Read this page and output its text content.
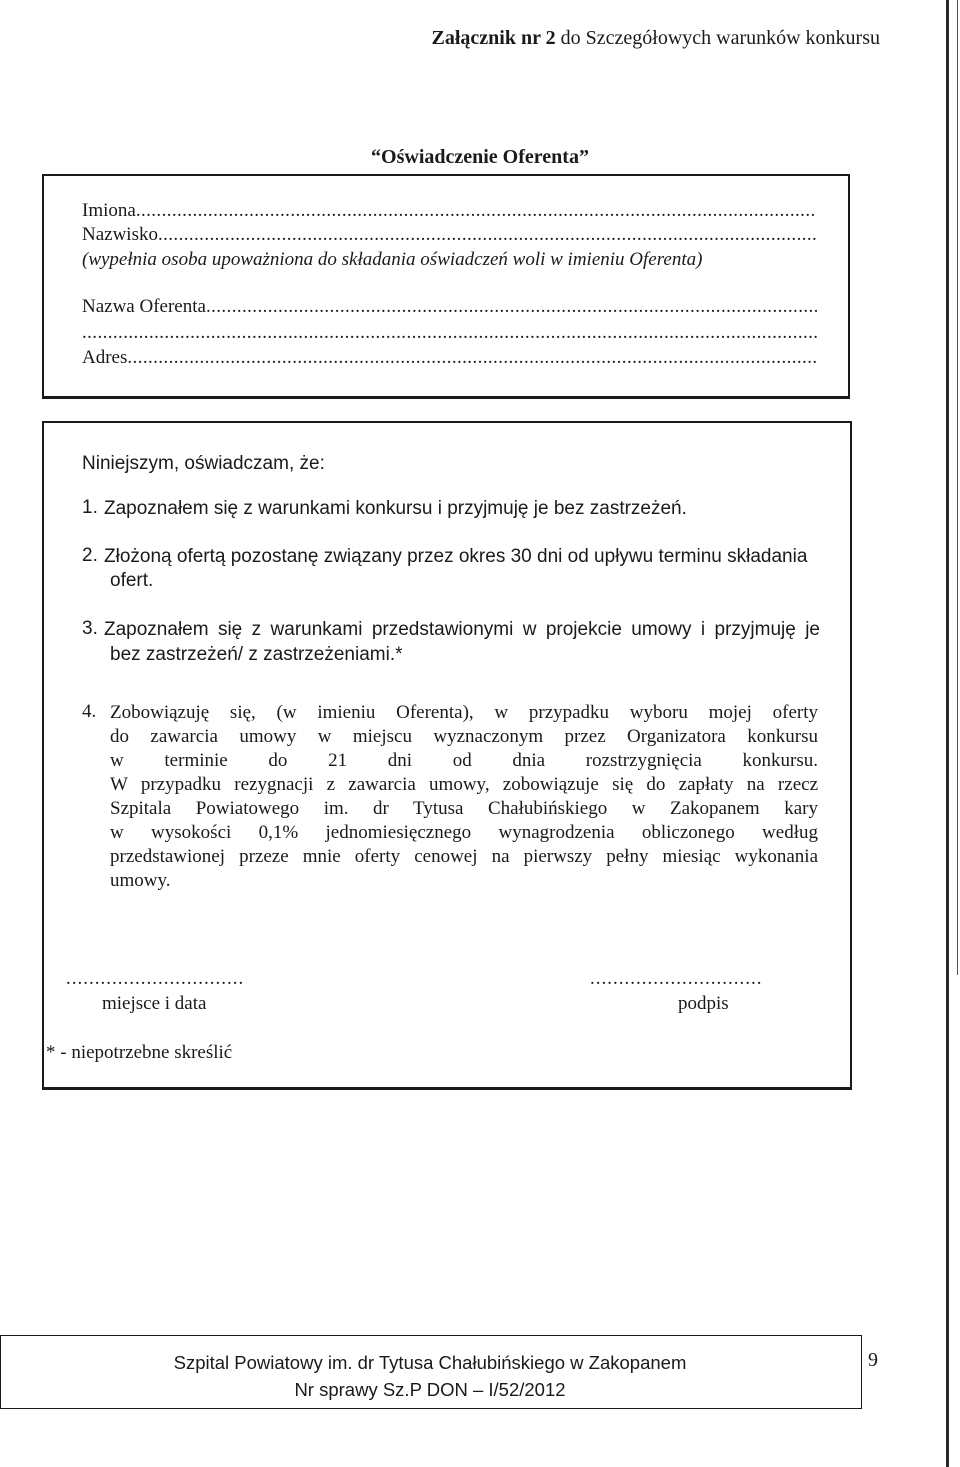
Załącznik nr 2 do Szczegółowych warunków konkursu
“Oświadczenie Oferenta”
Imiona
.....
Nazwisko
.....
(wypełnia osoba upoważniona do składania oświadczeń woli w imieniu Oferenta)
Nazwa Oferenta
.....
.....
Adres
.....
Niniejszym, oświadczam, że:
1. Zapoznałem się z warunkami konkursu i przyjmuję je bez zastrzeżeń.
2. Złożoną ofertą pozostanę związany przez okres 30 dni od upływu terminu składania
ofert.
3. Zapoznałem się z warunkami przedstawionymi w projekcie umowy i przyjmuję je
bez zastrzeżeń/ z zastrzeżeniami.*
4. Zobowiązuję się, (w imieniu Oferenta), w przypadku wyboru mojej oferty
do zawarcia umowy w miejscu wyznaczonym przez Organizatora konkursu
w terminie do 21 dni od dnia rozstrzygnięcia konkursu.
W przypadku rezygnacji z zawarcia umowy, zobowiązuje się do zapłaty na rzecz
Szpitala Powiatowego im. dr Tytusa Chałubińskiego w Zakopanem kary
w wysokości 0,1% jednomiesięcznego wynagrodzenia obliczonego według
przedstawionej przeze mnie oferty cenowej na pierwszy pełny miesiąc wykonania
umowy.
...............................	..............................
miejsce i data	podpis
* - niepotrzebne skreślić
Szpital Powiatowy im. dr Tytusa Chałubińskiego w Zakopanem
Nr sprawy Sz.P DON – I/52/2012
9
